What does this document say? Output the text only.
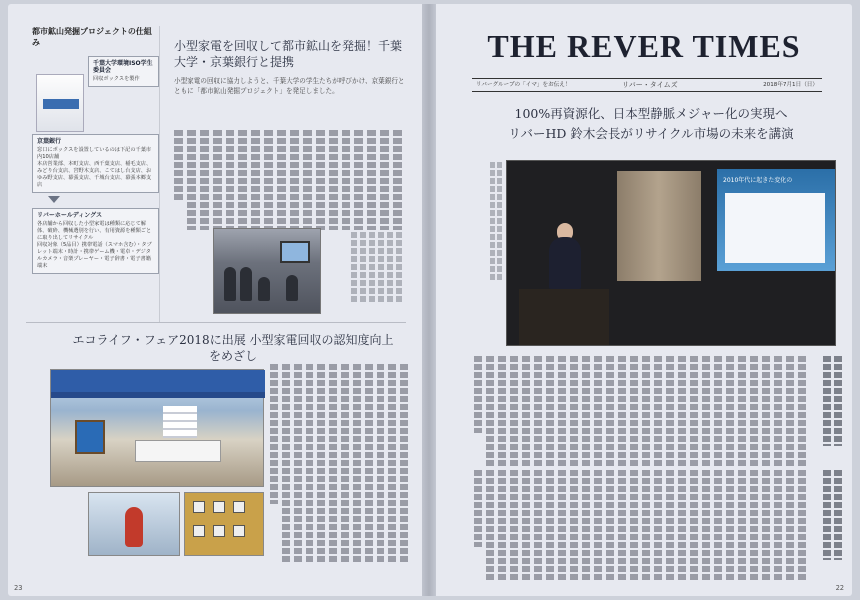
都市鉱山発掘プロジェクトの仕組み
千葉大学環境ISO学生委員会
回収ボックスを製作
京葉銀行
窓口にボックスを設置しているのは下記の千葉市内10店舗
本店営業部、本町支店、西千葉支店、稲毛支店、みどり台支店、宮野木支店、こてはし台支店、おゆみ野支店、幕張支店、千城台支店、幕張本郷支店
リバーホールディングス
各店舗から回収した小型家電は種類に応じて解体、破砕、機械選別を行い、有用資源を種類ごとに取り出してリサイクル
回収対象（5品目）携帯電話（スマホ含む）・タブレット端末・時計・携帯ゲーム機・電卓・デジタルカメラ・音楽プレーヤー・電子辞書・電子書籍端末
小型家電を回収して都市鉱山を発掘！千葉大学・京葉銀行と提携
小型家電の回収に協力しようと、千葉大学の学生たちが呼びかけ、京葉銀行とともに「都市鉱山発掘プロジェクト」を発足しました。
エコライフ・フェア2018に出展 小型家電回収の認知度向上をめざし
23
THE REVER TIMES
リバーグループの「イマ」をお伝え！	リバー・タイムズ	2018年7月1日（日）
100%再資源化、日本型静脈メジャー化の実現へ
リバーHD 鈴木会長がリサイクル市場の未来を講演
2010年代に起きた変化の
22
